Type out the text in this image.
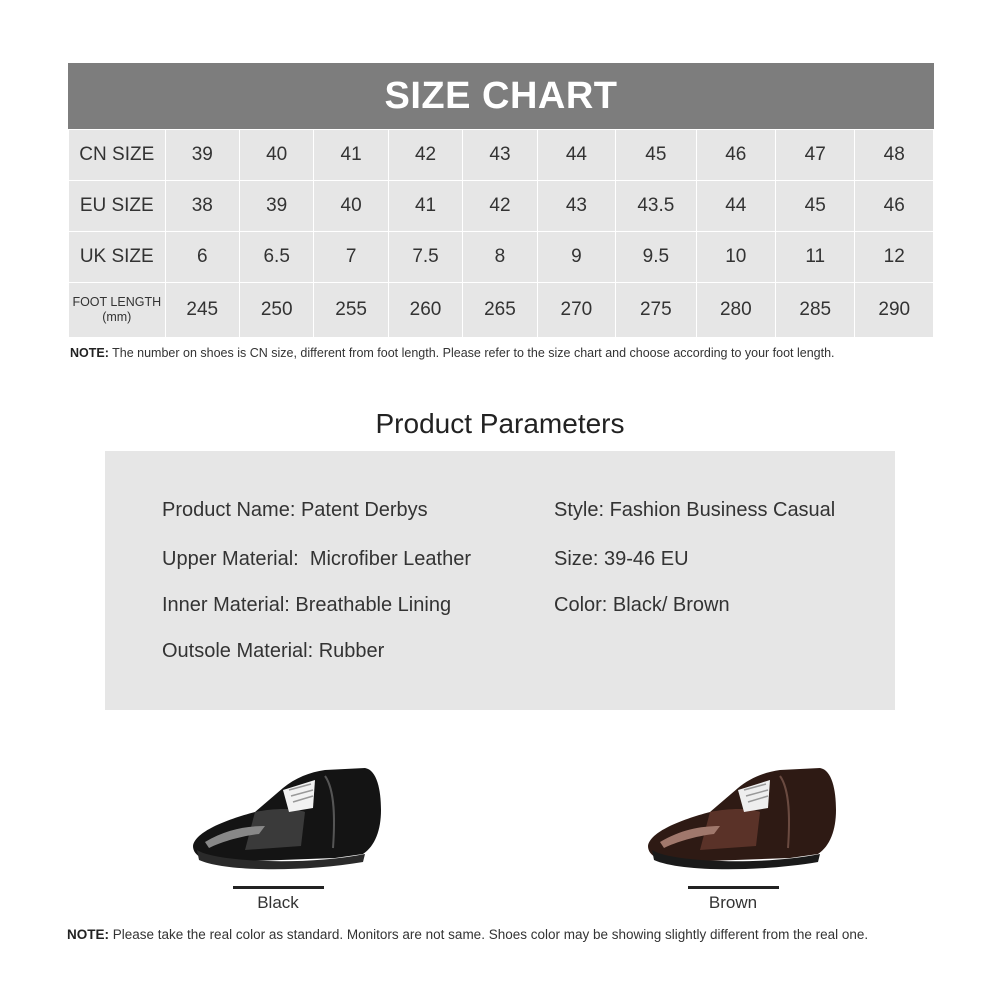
SIZE CHART
CN SIZE	39	40	41	42	43	44	45	46	47	48

EU SIZE	38	39	40	41	42	43	43.5	44	45	46

UK SIZE	6	6.5	7	7.5	8	9	9.5	10	11	12

FOOT LENGTH
(mm)	245	250	255	260	265	270	275	280	285	290
NOTE: The number on shoes is CN size, different from foot length. Please refer to the size chart and choose according to your foot length.
Product Parameters
Product Name: Patent Derbys
Upper Material:  Microfiber Leather
Inner Material: Breathable Lining
Outsole Material: Rubber
Style: Fashion Business Casual
Size: 39-46 EU
Color: Black/ Brown
Black	Brown
NOTE: Please take the real color as standard. Monitors are not same. Shoes color may be showing slightly different from the real one.
